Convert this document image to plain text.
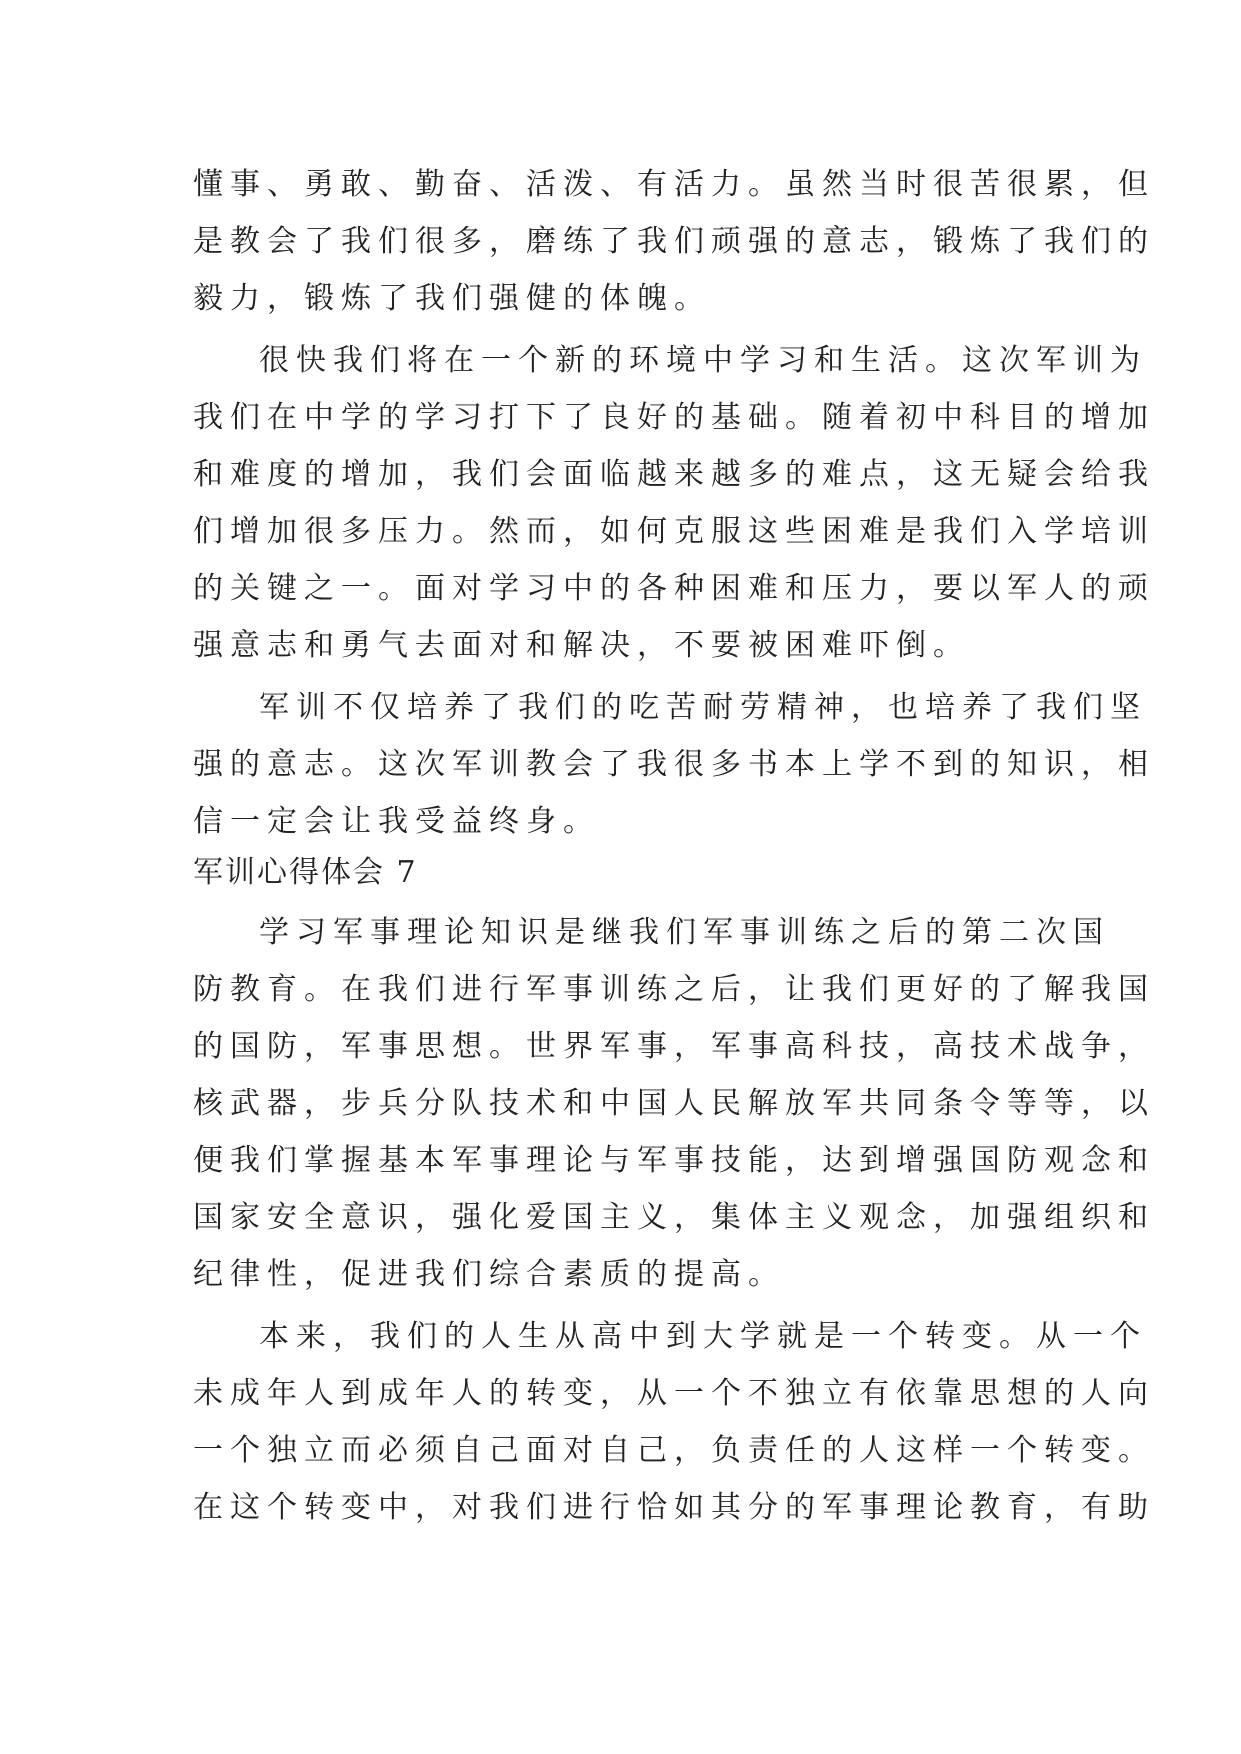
懂事、勇敢、勤奋、活泼、有活力。虽然当时很苦很累，但
是教会了我们很多，磨练了我们顽强的意志，锻炼了我们的
毅力，锻炼了我们强健的体魄。
很快我们将在一个新的环境中学习和生活。这次军训为
我们在中学的学习打下了良好的基础。随着初中科目的增加
和难度的增加，我们会面临越来越多的难点，这无疑会给我
们增加很多压力。然而，如何克服这些困难是我们入学培训
的关键之一。面对学习中的各种困难和压力，要以军人的顽
强意志和勇气去面对和解决，不要被困难吓倒。
军训不仅培养了我们的吃苦耐劳精神，也培养了我们坚
强的意志。这次军训教会了我很多书本上学不到的知识，相
信一定会让我受益终身。
军训心得体会 7
学习军事理论知识是继我们军事训练之后的第二次国
防教育。在我们进行军事训练之后，让我们更好的了解我国
的国防，军事思想。世界军事，军事高科技，高技术战争，
核武器，步兵分队技术和中国人民解放军共同条令等等，以
便我们掌握基本军事理论与军事技能，达到增强国防观念和
国家安全意识，强化爱国主义，集体主义观念，加强组织和
纪律性，促进我们综合素质的提高。
本来，我们的人生从高中到大学就是一个转变。从一个
未成年人到成年人的转变，从一个不独立有依靠思想的人向
一个独立而必须自己面对自己，负责任的人这样一个转变。
在这个转变中，对我们进行恰如其分的军事理论教育，有助
